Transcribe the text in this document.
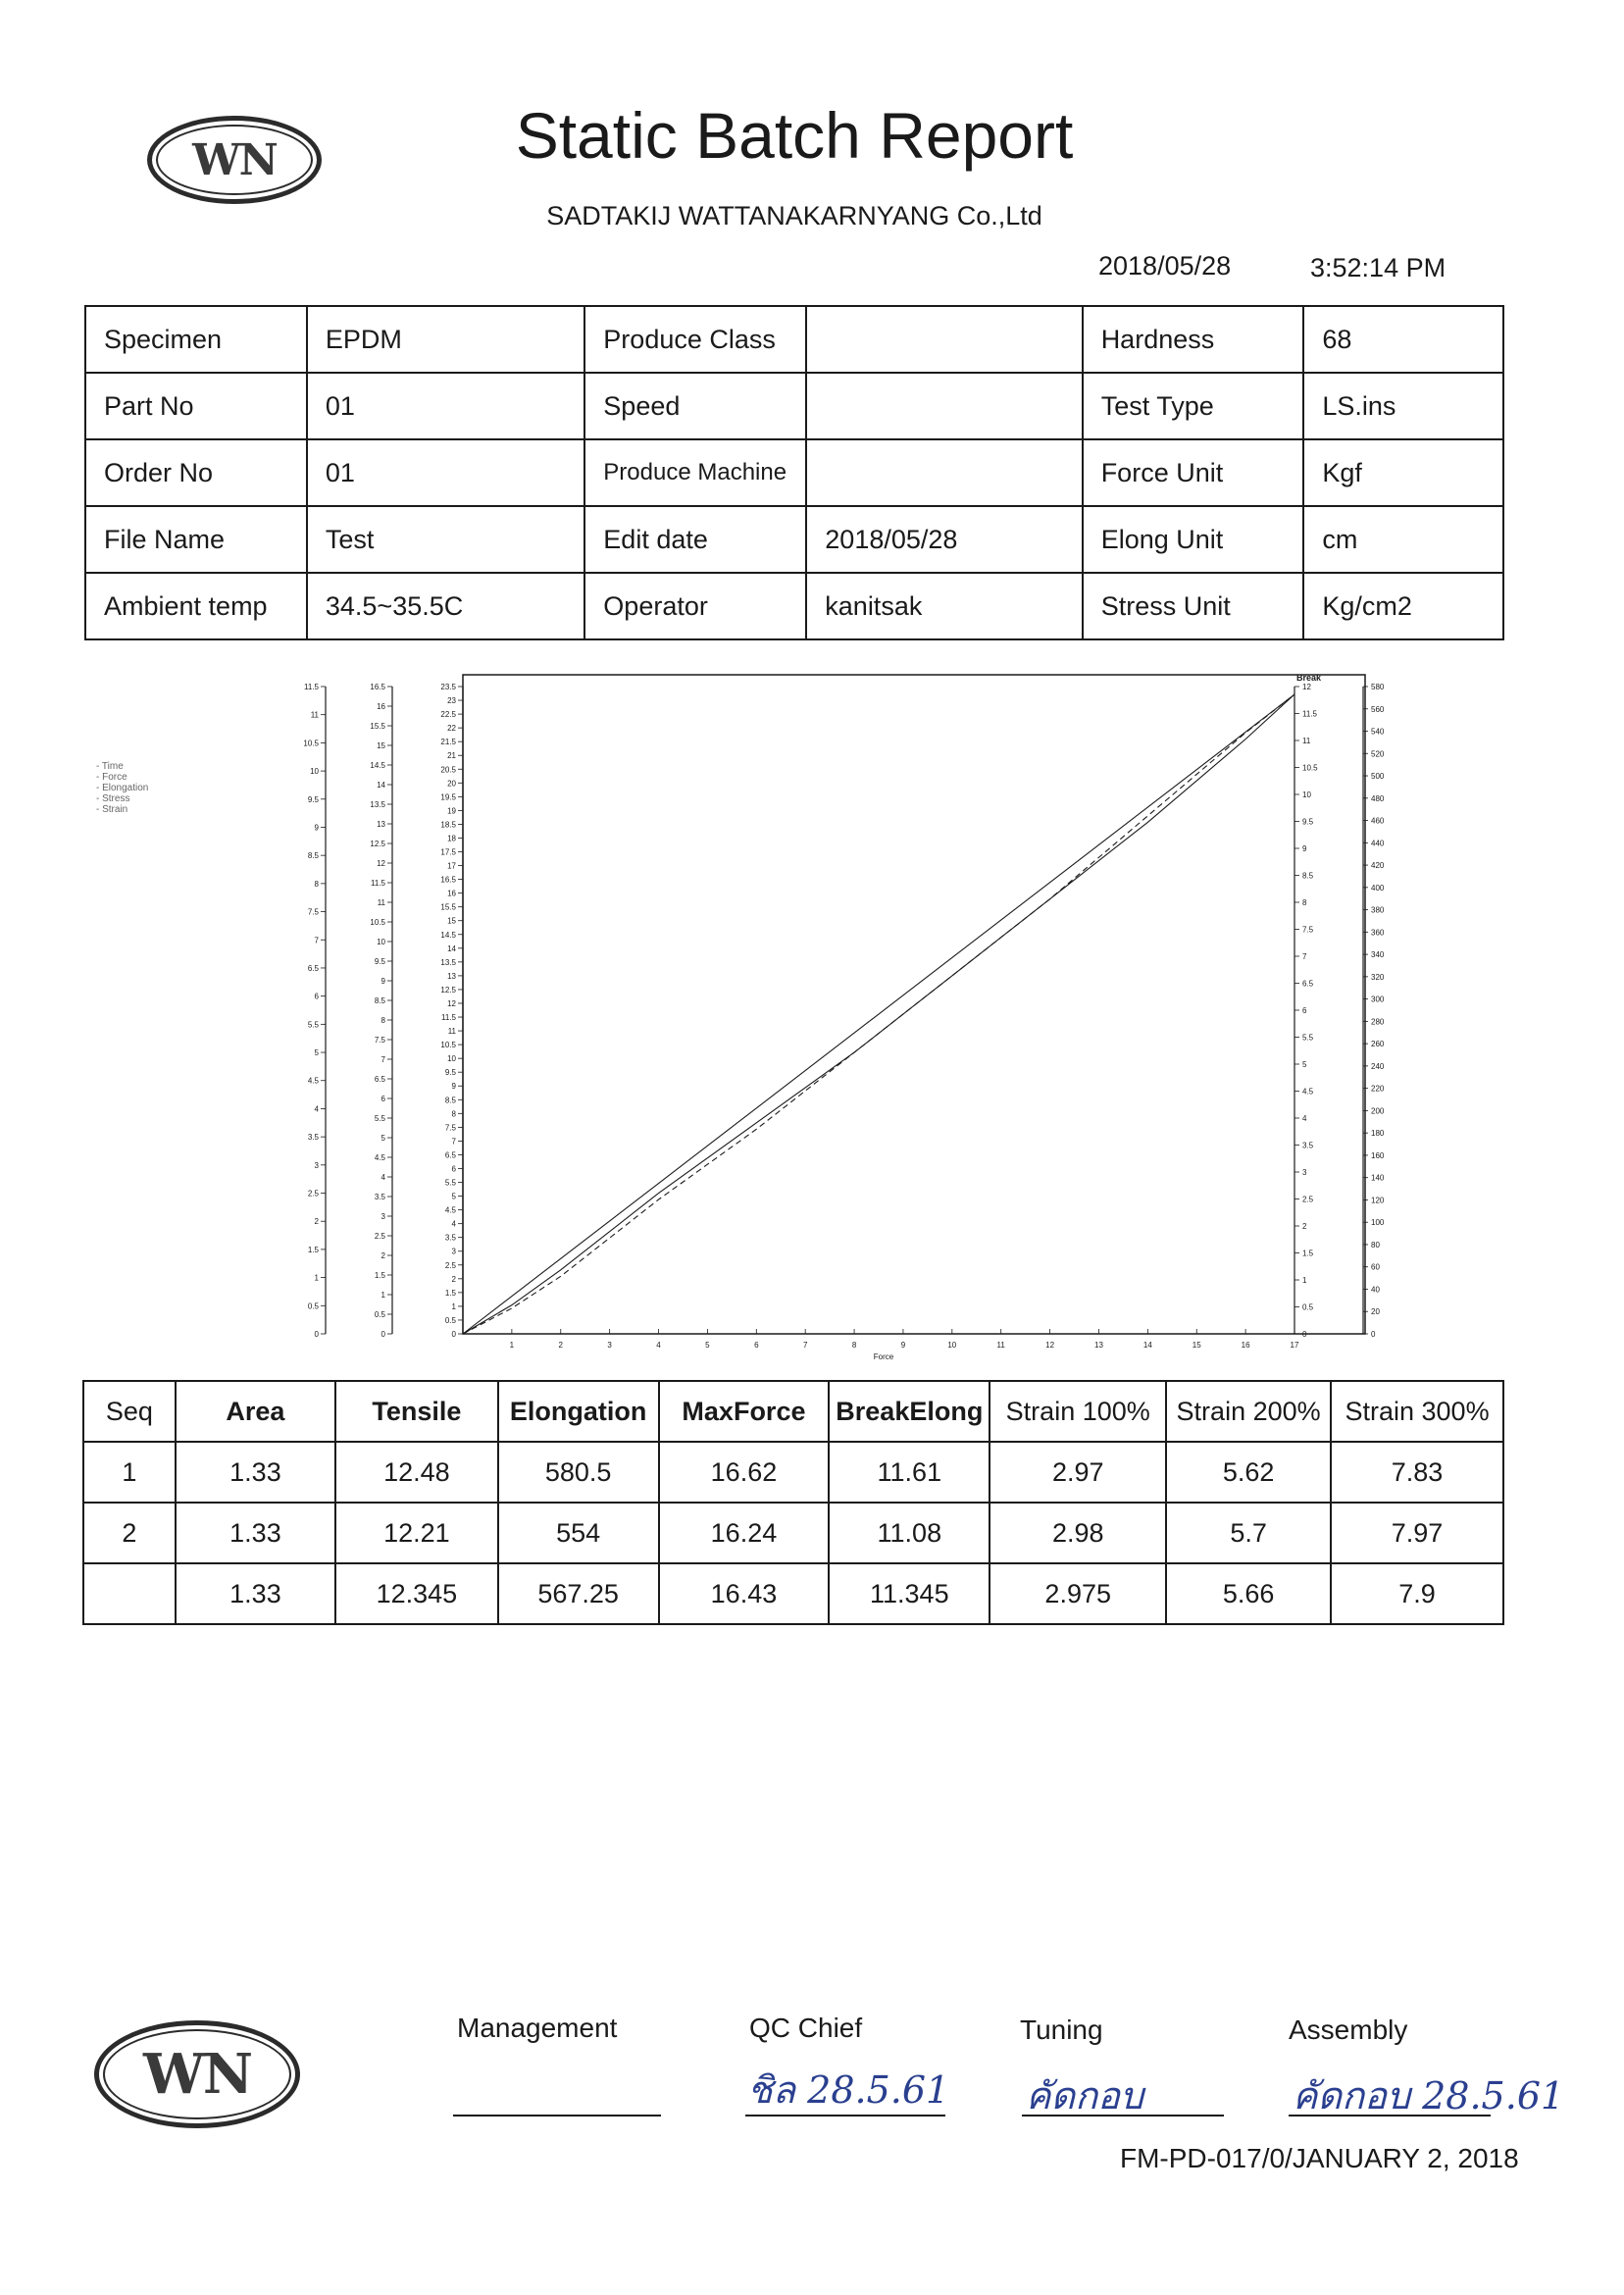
WN	Static Batch Report
SADTAKIJ WATTANAKARNYANG Co.,Ltd
2018/05/28	3:52:14 PM
Specimen	EPDM	Produce Class		Hardness	68
Part No	01	Speed		Test Type	LS.ins
Order No	01	Produce Machine		Force Unit	Kgf
File Name	Test	Edit date	2018/05/28	Elong Unit	cm
Ambient temp	34.5~35.5C	Operator	kanitsak	Stress Unit	Kg/cm2
- Time
- Force
- Elongation
- Stress
- Strain
0
0.5
1
1.5
2
2.5
3
3.5
4
4.5
5
5.5
6
6.5
7
7.5
8
8.5
9
9.5
10
10.5
11
11.5
0
0.5
1
1.5
2
2.5
3
3.5
4
4.5
5
5.5
6
6.5
7
7.5
8
8.5
9
9.5
10
10.5
11
11.5
12
12.5
13
13.5
14
14.5
15
15.5
16
16.5
0
0.5
1
1.5
2
2.5
3
3.5
4
4.5
5
5.5
6
6.5
7
7.5
8
8.5
9
9.5
10
10.5
11
11.5
12
12.5
13
13.5
14
14.5
15
15.5
16
16.5
17
17.5
18
18.5
19
19.5
20
20.5
21
21.5
22
22.5
23
23.5
0
0.5
1
1.5
2
2.5
3
3.5
4
4.5
5
5.5
6
6.5
7
7.5
8
8.5
9
9.5
10
10.5
11
11.5
12
0
20
40
60
80
100
120
140
160
180
200
220
240
260
280
300
320
340
360
380
400
420
440
460
480
500
520
540
560
580
Break
1	2	3	4	5	6	7	8	9	10	11	12	13	14	15	16	17
Force
Seq	Area	Tensile	Elongation	MaxForce	BreakElong	Strain 100%	Strain 200%	Strain 300%
1	1.33	12.48	580.5	16.62	11.61	2.97	5.62	7.83
2	1.33	12.21	554	16.24	11.08	2.98	5.7	7.97
	1.33	12.345	567.25	16.43	11.345	2.975	5.66	7.9
WN
Management	QC Chief
ชิล 28.5.61
Tuning
คัดกอบ
Assembly
คัดกอบ 28.5.61
FM-PD-017/0/JANUARY 2, 2018
